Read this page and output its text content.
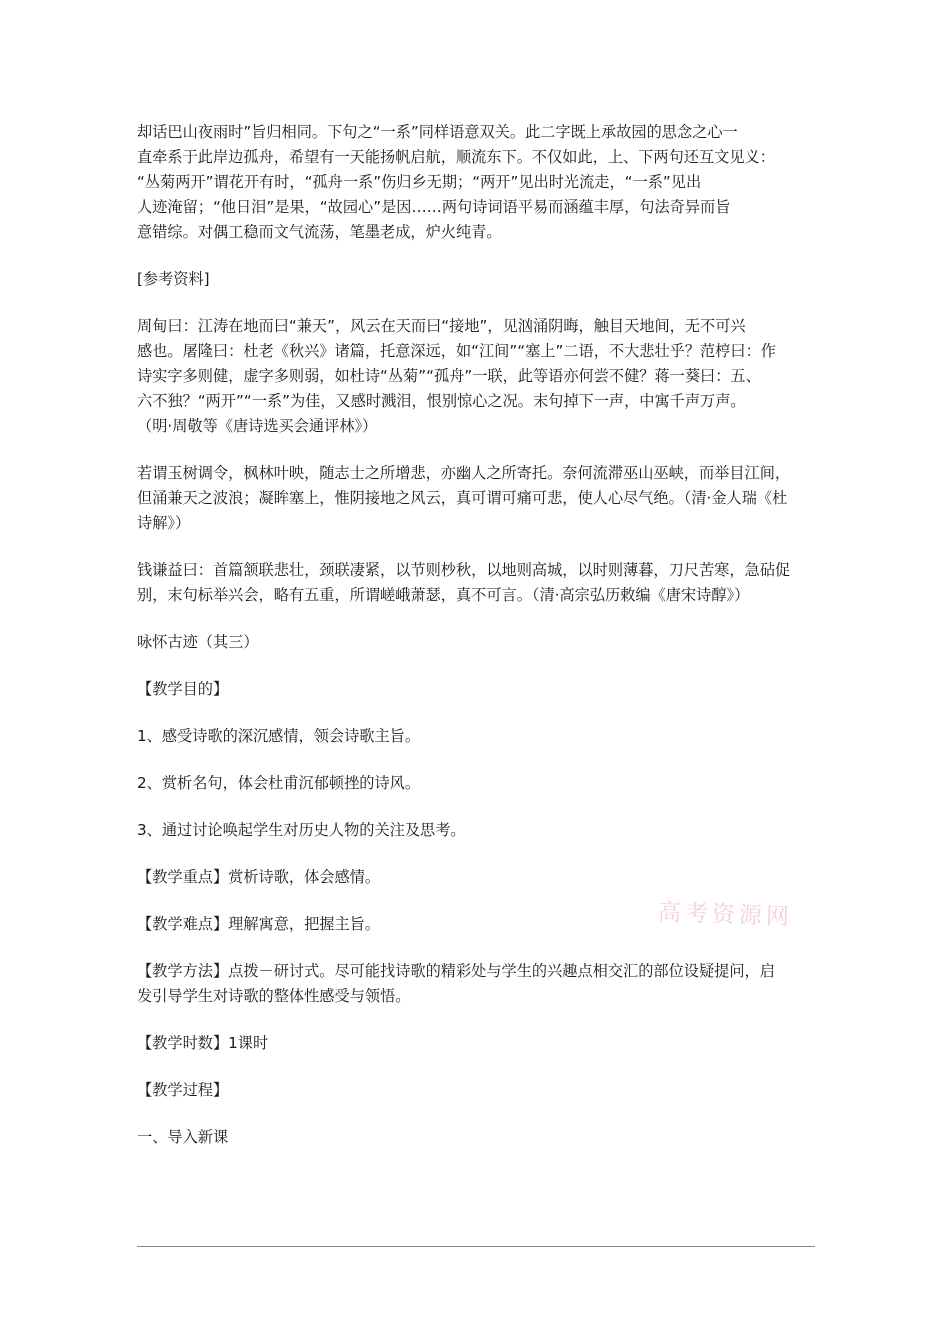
却话巴山夜雨时”旨归相同。下句之“一系”同样语意双关。此二字既上承故园的思念之心一
直牵系于此岸边孤舟，希望有一天能扬帆启航，顺流东下。不仅如此，上、下两句还互文见义：
“丛菊两开”谓花开有时，“孤舟一系”伤归乡无期；“两开”见出时光流走，“一系”见出
人迹淹留；“他日泪”是果，“故园心”是因……两句诗词语平易而涵蕴丰厚，句法奇异而旨
意错综。对偶工稳而文气流荡，笔墨老成，炉火纯青。

[参考资料]

周甸曰：江涛在地而曰“兼天”，风云在天而曰“接地”，见汹涌阴晦，触目天地间，无不可兴
感也。屠隆曰：杜老《秋兴》诸篇，托意深远，如“江间”“塞上”二语，不大悲壮乎？范梈曰：作
诗实字多则健，虚字多则弱，如杜诗“丛菊”“孤舟”一联，此等语亦何尝不健？蒋一葵曰：五、
六不独？“两开”“一系”为佳，又感时溅泪，恨别惊心之况。末句掉下一声，中寓千声万声。
（明·周敬等《唐诗选买会通评林》）

若谓玉树调令，枫林叶映，随志士之所增悲，亦幽人之所寄托。奈何流滞巫山巫峡，而举目江间，
但涌兼天之波浪；凝眸塞上，惟阴接地之风云，真可谓可痛可悲，使人心尽气绝。（清·金人瑞《杜
诗解》）

钱谦益曰：首篇颔联悲壮，颈联凄紧，以节则杪秋，以地则高城，以时则薄暮，刀尺苦寒，急砧促
别，末句标举兴会，略有五重，所谓嵯峨萧瑟，真不可言。（清·高宗弘历敕编《唐宋诗醇》）

咏怀古迹（其三）

【教学目的】

1、感受诗歌的深沉感情，领会诗歌主旨。

2、赏析名句，体会杜甫沉郁顿挫的诗风。

3、通过讨论唤起学生对历史人物的关注及思考。

【教学重点】赏析诗歌，体会感情。

【教学难点】理解寓意，把握主旨。

【教学方法】点拨－研讨式。尽可能找诗歌的精彩处与学生的兴趣点相交汇的部位设疑提问，启
发引导学生对诗歌的整体性感受与领悟。

【教学时数】1课时

【教学过程】

一、导入新课

高考资源网
